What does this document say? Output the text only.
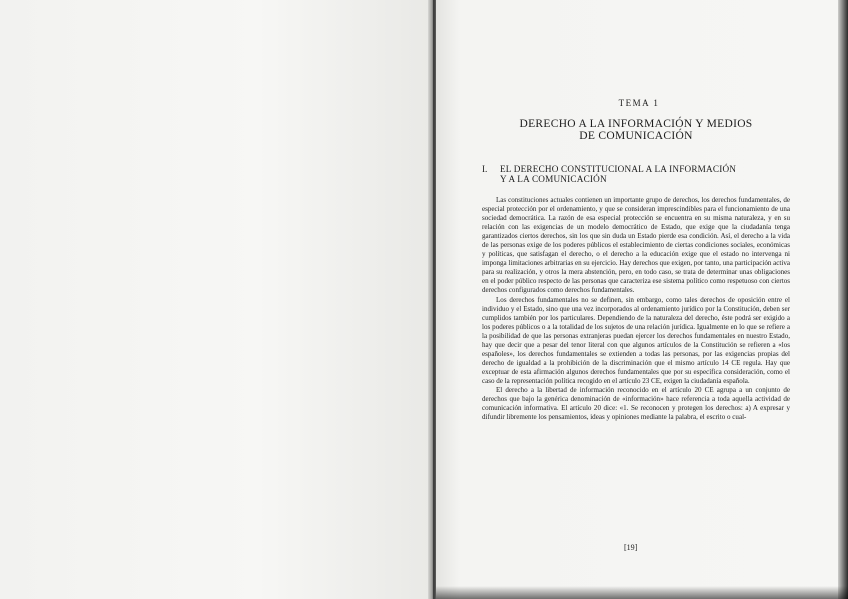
TEMA 1
DERECHO A LA INFORMACIÓN Y MEDIOS
DE COMUNICACIÓN
I.	EL DERECHO CONSTITUCIONAL A LA INFORMACIÓN
Y A LA COMUNICACIÓN

Las constituciones actuales contienen un importante grupo de derechos, los derechos fundamentales, de especial protección por el ordenamiento, y que se consideran imprescindibles para el funcionamiento de una sociedad democrática. La razón de esa especial protección se encuentra en su misma naturaleza, y en su relación con las exigencias de un modelo democrático de Estado, que exige que la ciudadanía tenga garantizados ciertos derechos, sin los que sin duda un Estado pierde esa condición. Así, el derecho a la vida de las personas exige de los poderes públicos el establecimiento de ciertas condiciones sociales, económicas y políticas, que satisfagan el derecho, o el derecho a la educación exige que el estado no intervenga ni imponga limitaciones arbitrarias en su ejercicio. Hay derechos que exigen, por tanto, una participación activa para su realización, y otros la mera abstención, pero, en todo caso, se trata de determinar unas obligaciones en el poder público respecto de las personas que caracteriza ese sistema político como respetuoso con ciertos derechos configurados como derechos fundamentales.

Los derechos fundamentales no se definen, sin embargo, como tales derechos de oposición entre el individuo y el Estado, sino que una vez incorporados al ordenamiento jurídico por la Constitución, deben ser cumplidos también por los particulares. Dependiendo de la naturaleza del derecho, éste podrá ser exigido a los poderes públicos o a la totalidad de los sujetos de una relación jurídica. Igualmente en lo que se refiere a la posibilidad de que las personas extranjeras puedan ejercer los derechos fundamentales en nuestro Estado, hay que decir que a pesar del tenor literal con que algunos artículos de la Constitución se refieren a «los españoles», los derechos fundamentales se extienden a todas las personas, por las exigencias propias del derecho de igualdad a la prohibición de la discriminación que el mismo artículo 14 CE regula. Hay que exceptuar de esta afirmación algunos derechos fundamentales que por su específica consideración, como el caso de la representación política recogido en el artículo 23 CE, exigen la ciudadanía española.

El derecho a la libertad de información reconocido en el artículo 20 CE agrupa a un conjunto de derechos que bajo la genérica denominación de «información» hace referencia a toda aquella actividad de comunicación informativa. El artículo 20 dice: «1. Se reconocen y protegen los derechos: a) A expresar y difundir libremente los pensamientos, ideas y opiniones mediante la palabra, el escrito o cual-

[19]
